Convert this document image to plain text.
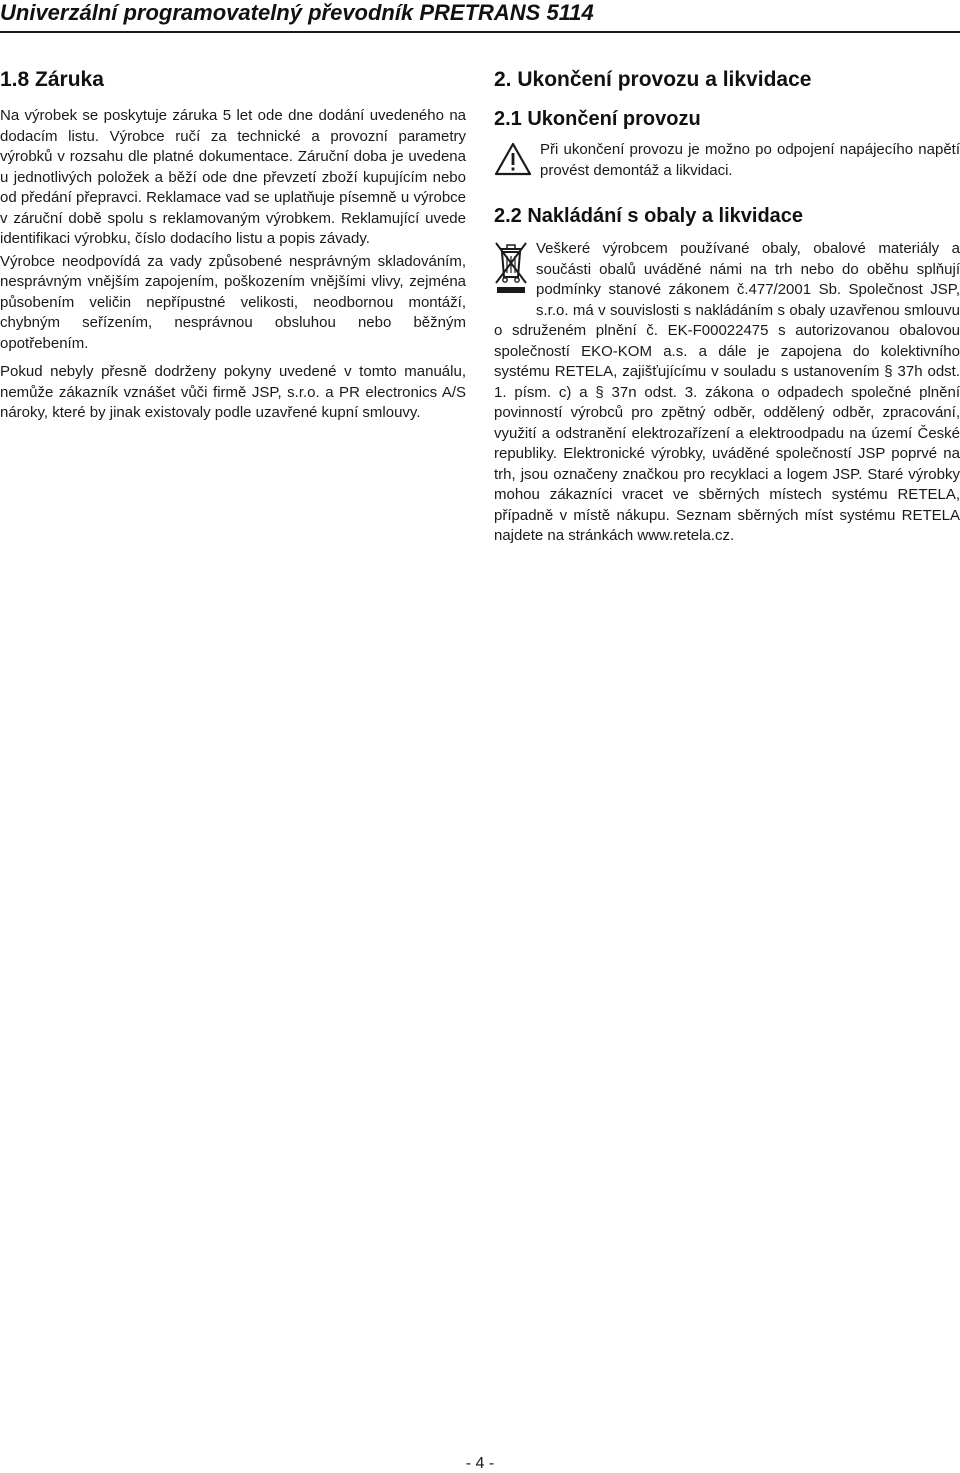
Univerzální programovatelný převodník PRETRANS 5114
1.8 Záruka

Na výrobek se poskytuje záruka 5 let ode dne dodání uvedeného na dodacím listu. Výrobce ručí za technické a provozní parametry výrobků v rozsahu dle platné dokumentace. Záruční doba je uvedena u jednotlivých položek a běží ode dne převzetí zboží kupujícím nebo od předání přepravci. Reklamace vad se uplatňuje písemně u výrobce v záruční době spolu s reklamovaným výrobkem. Reklamující uvede identifikaci výrobku, číslo dodacího listu a popis závady.

Výrobce neodpovídá za vady způsobené nesprávným skladováním, nesprávným vnějším zapojením, poškozením vnějšími vlivy, zejména působením veličin nepřípustné velikosti, neodbornou montáží, chybným seřízením, nesprávnou obsluhou nebo běžným opotřebením.

Pokud nebyly přesně dodrženy pokyny uvedené v tomto manuálu, nemůže zákazník vznášet vůči firmě JSP, s.r.o. a PR electronics A/S nároky, které by jinak existovaly podle uzavřené kupní smlouvy.

2. Ukončení provozu a likvidace
2.1 Ukončení provozu

Při ukončení provozu je možno po odpojení napájecího napětí provést demontáž a likvidaci.

2.2 Nakládání s obaly a likvidace

Veškeré výrobcem používané obaly, obalové materiály a součásti obalů uváděné námi na trh nebo do oběhu splňují podmínky stanové zákonem č.477/2001 Sb. Společnost JSP, s.r.o. má v souvislosti s nakládáním s obaly uzavřenou smlouvu o sdruženém plnění č. EK-F00022475 s autorizovanou obalovou společností EKO-KOM a.s. a dále je zapojena do kolektivního systému RETELA, zajišťujícímu v souladu s ustanovením § 37h odst. 1. písm. c) a § 37n odst. 3. zákona o odpadech společné plnění povinností výrobců pro zpětný odběr, oddělený odběr, zpracování, využití a odstranění elektrozařízení a elektroodpadu na území České republiky. Elektronické výrobky, uváděné společností JSP poprvé na trh, jsou označeny značkou pro recyklaci a logem JSP. Staré výrobky mohou zákazníci vracet ve sběrných místech systému RETELA, případně v místě nákupu. Seznam sběrných míst systému RETELA najdete na stránkách www.retela.cz.

- 4 -
